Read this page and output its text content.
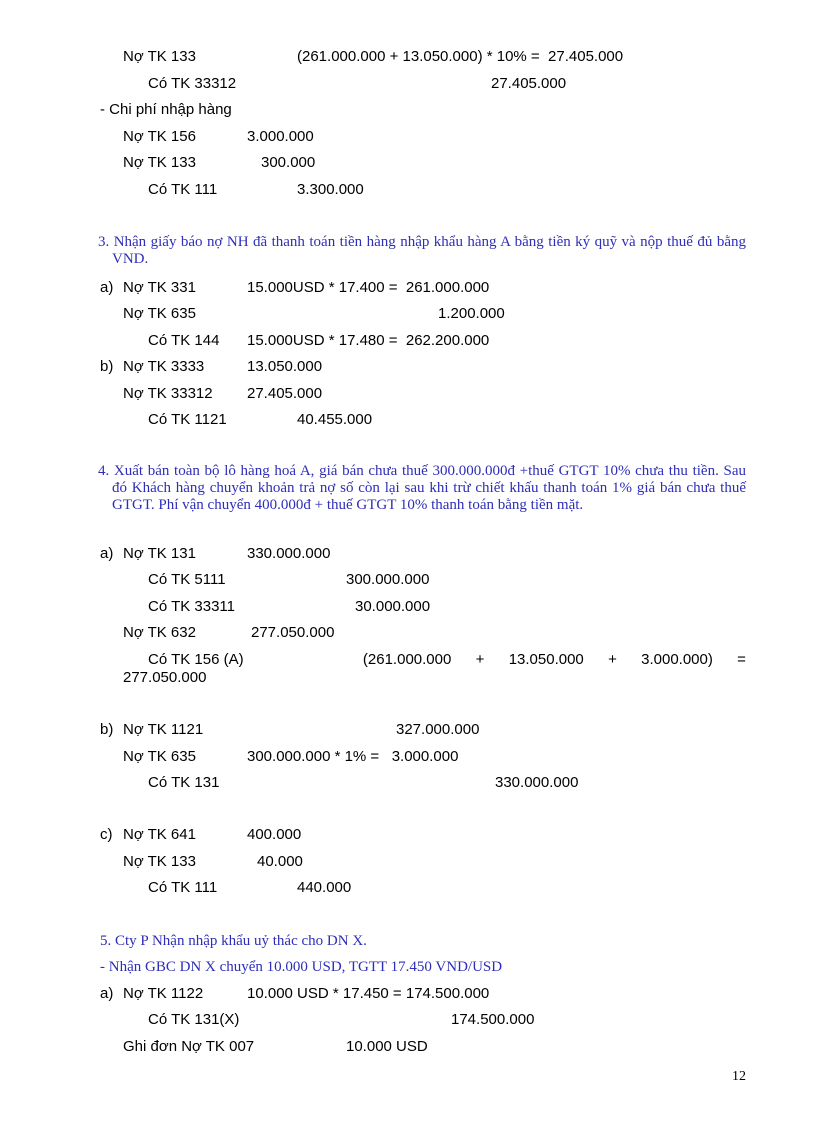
Nợ TK 133	(261.000.000 + 13.050.000) * 10% =  27.405.000
Có TK 33312	27.405.000
- Chi phí nhập hàng
Nợ TK 156	3.000.000
Nợ TK 133	300.000
Có TK 111	3.300.000
3. Nhận giấy báo nợ NH đã thanh toán tiền hàng nhập khẩu hàng A bằng tiền ký quỹ và nộp thuế đủ bằng VND.
a) Nợ TK 331	15.000USD * 17.400 =  261.000.000
Nợ TK 635	1.200.000
Có TK 144 15.000USD * 17.480 =  262.200.000
b) Nợ TK 3333	13.050.000
Nợ TK 33312 27.405.000
Có TK 1121	40.455.000
4. Xuất bán toàn bộ lô hàng hoá A, giá bán chưa thuế 300.000.000đ +thuế GTGT 10% chưa thu tiền. Sau đó Khách hàng chuyển khoản trả nợ số còn lại sau khi trừ chiết khấu thanh toán 1% giá bán chưa thuế GTGT. Phí vận chuyển 400.000đ + thuế GTGT 10% thanh toán bằng tiền mặt.
a) Nợ TK 131	330.000.000
Có TK 5111	300.000.000
Có TK 33311	30.000.000
Nợ TK 632	277.050.000
Có TK 156 (A)	(261.000.000 + 13.050.000 + 3.000.000) =
277.050.000
b) Nợ TK 1121	327.000.000
Nợ TK 635	300.000.000 * 1% =   3.000.000
Có TK 131	330.000.000
c) Nợ TK 641	400.000
Nợ TK 133	40.000
Có TK 111	440.000
5. Cty P Nhận nhập khẩu uỷ thác cho DN X.
- Nhận GBC DN X chuyển 10.000 USD, TGTT 17.450 VND/USD
a) Nợ TK 1122	10.000 USD * 17.450 = 174.500.000
Có TK 131(X)	174.500.000
Ghi đơn Nợ TK 007	10.000 USD
12
